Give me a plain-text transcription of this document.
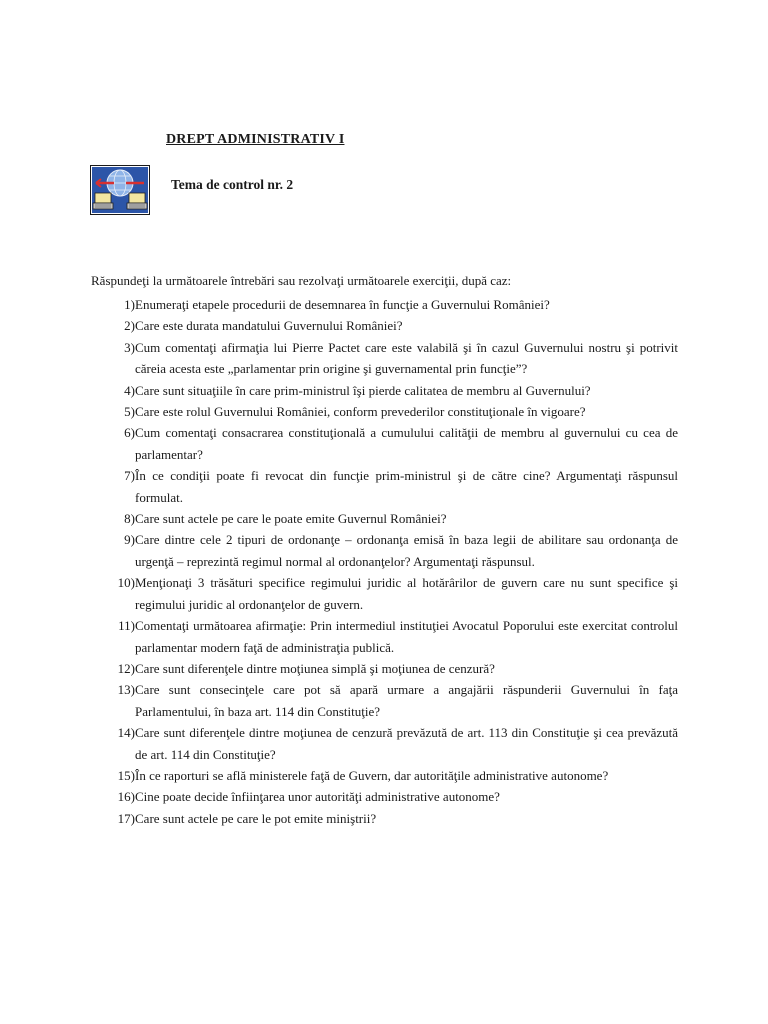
DREPT ADMINISTRATIV I
Tema de control nr. 2
Răspundeţi la următoarele întrebări sau rezolvaţi următoarele exerciţii, după caz:
1) Enumeraţi etapele procedurii de desemnarea în funcţie a Guvernului României?
2) Care este durata mandatului Guvernului României?
3) Cum comentaţi afirmaţia lui Pierre Pactet care este valabilă şi în cazul Guvernului nostru şi potrivit căreia acesta este „parlamentar prin origine şi guvernamental prin funcţie”?
4) Care sunt situaţiile în care prim-ministrul îşi pierde calitatea de membru al Guvernului?
5) Care este rolul Guvernului României, conform prevederilor constituţionale în vigoare?
6) Cum comentaţi consacrarea constituţională a cumulului calităţii de membru al guvernului cu cea de parlamentar?
7) În ce condiţii poate fi revocat din funcţie prim-ministrul şi de către cine? Argumentaţi răspunsul formulat.
8) Care sunt actele pe care le poate emite Guvernul României?
9) Care dintre cele 2 tipuri de ordonanţe – ordonanţa emisă în baza legii de abilitare sau ordonanţa de urgenţă – reprezintă regimul normal al ordonanţelor? Argumentaţi răspunsul.
10) Menţionaţi 3 trăsături specifice regimului juridic al hotărârilor de guvern care nu sunt specifice şi regimului juridic al ordonanţelor de guvern.
11) Comentaţi următoarea afirmaţie: Prin intermediul instituţiei Avocatul Poporului este exercitat controlul parlamentar modern faţă de administraţia publică.
12) Care sunt diferenţele dintre moţiunea simplă şi moţiunea de cenzură?
13) Care sunt consecinţele care pot să apară urmare a angajării răspunderii Guvernului în faţa Parlamentului, în baza art. 114 din Constituţie?
14) Care sunt diferenţele dintre moţiunea de cenzură prevăzută de art. 113 din Constituţie şi cea prevăzută de art. 114 din Constituţie?
15) În ce raporturi se află ministerele faţă de Guvern, dar autorităţile administrative autonome?
16) Cine poate decide înfiinţarea unor autorităţi administrative autonome?
17) Care sunt actele pe care le pot emite miniştrii?
